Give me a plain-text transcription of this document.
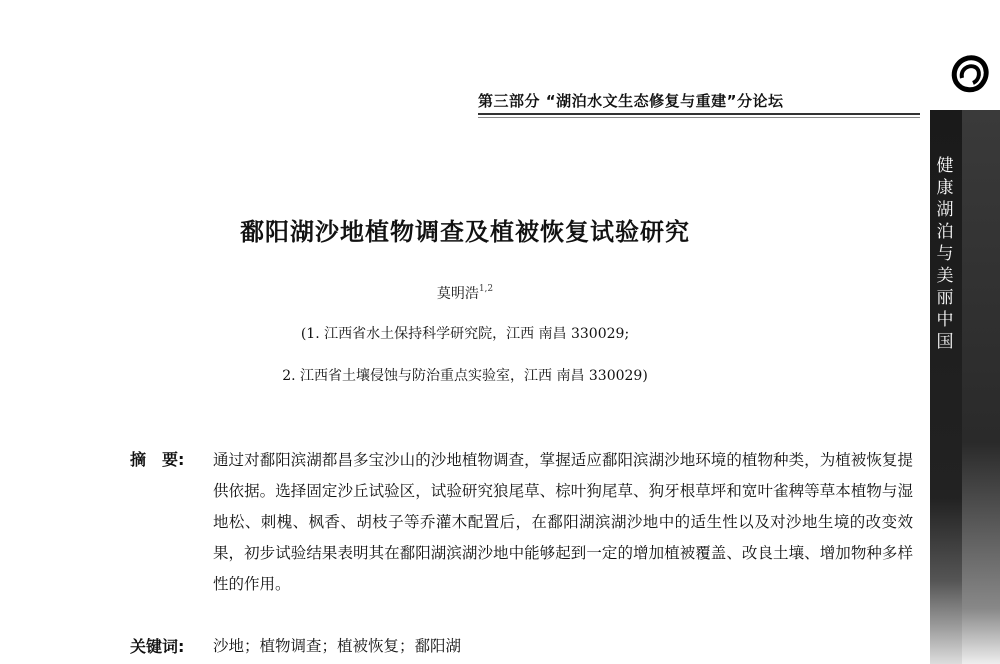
第三部分 “湖泊水文生态修复与重建”分论坛
健康湖泊与美丽中国
鄱阳湖沙地植物调查及植被恢复试验研究
莫明浩$^{1,2}$
(1. 江西省水土保持科学研究院，江西 南昌 330029;
2. 江西省土壤侵蚀与防治重点实验室，江西 南昌 330029)
摘　要: 通过对鄱阳滨湖都昌多宝沙山的沙地植物调查，掌握适应鄱阳滨湖沙地环境的植物种类，为植被恢复提供依据。选择固定沙丘试验区，试验研究狼尾草、棕叶狗尾草、狗牙根草坪和宽叶雀稗等草本植物与湿地松、刺槐、枫香、胡枝子等乔灌木配置后，在鄱阳湖滨湖沙地中的适生性以及对沙地生境的改变效果，初步试验结果表明其在鄱阳湖滨湖沙地中能够起到一定的增加植被覆盖、改良土壤、增加物种多样性的作用。

关键词: 沙地；植物调查；植被恢复；鄱阳湖
